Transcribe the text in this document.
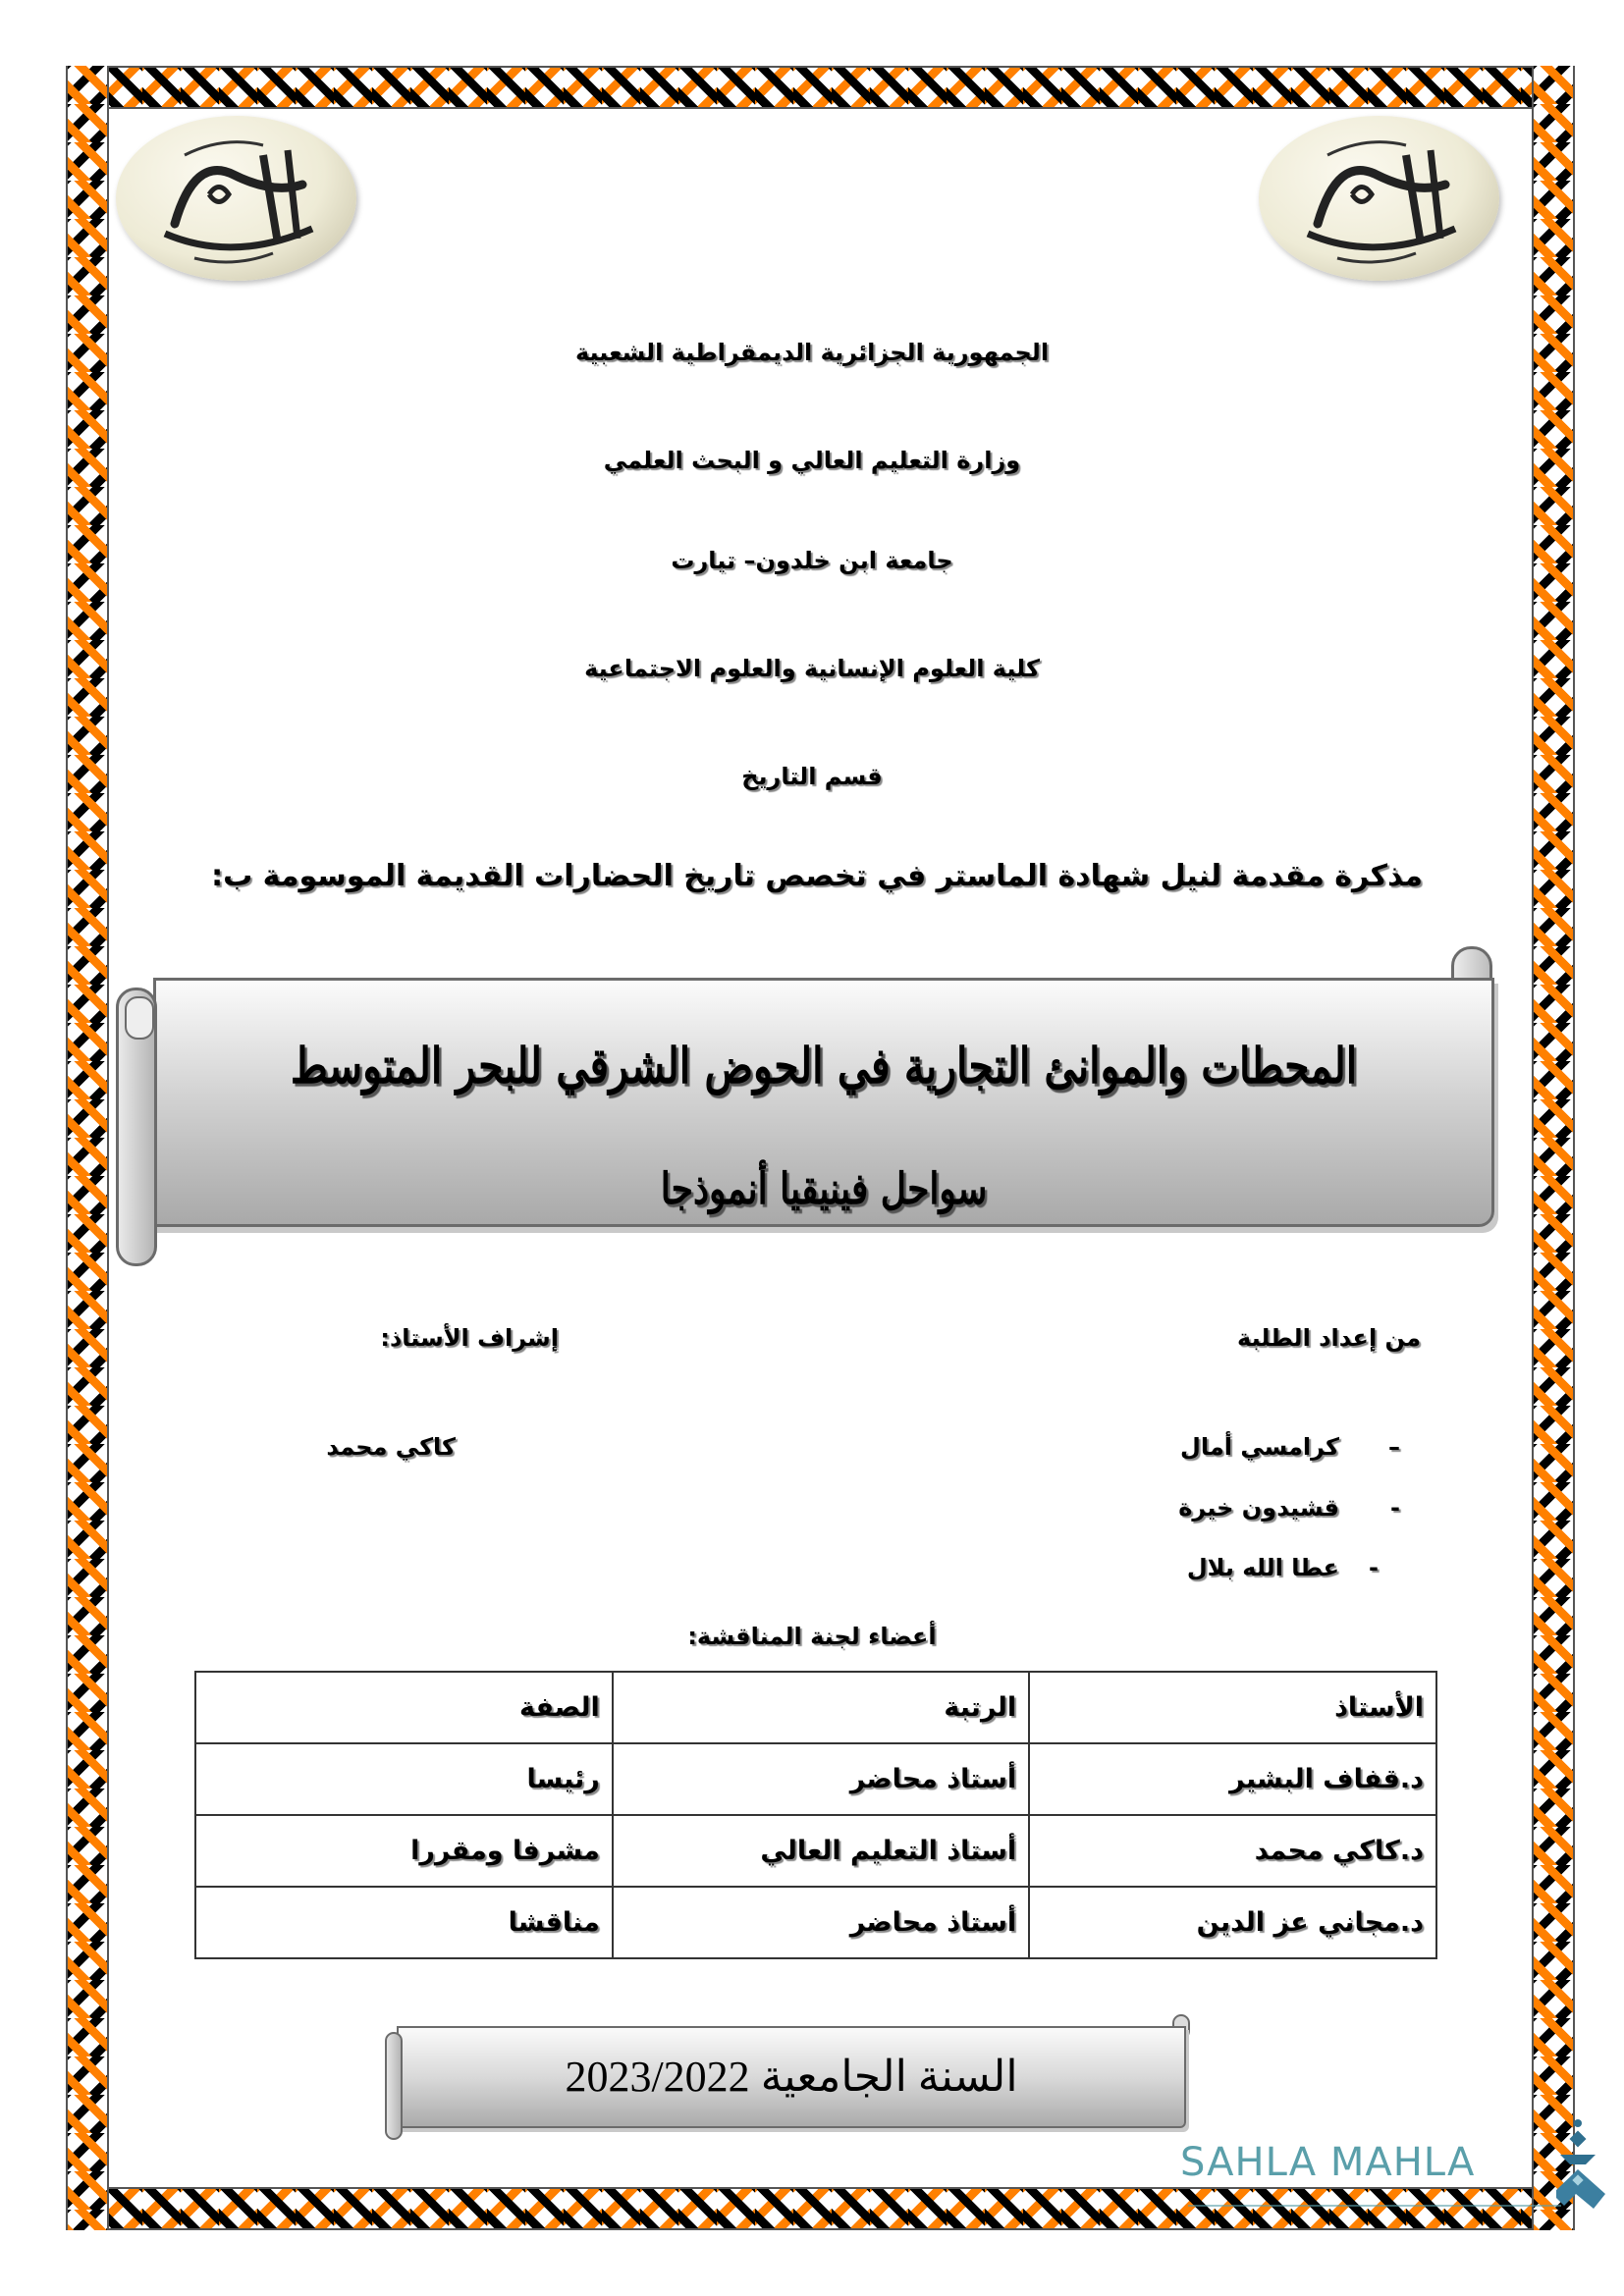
الجمهورية الجزائرية الديمقراطية الشعبية
وزارة التعليم العالي و البحث العلمي
جامعة ابن خلدون– تيارت
كلية العلوم الإنسانية والعلوم الاجتماعية
قسم التاريخ
مذكرة مقدمة لنيل شهادة الماستر في تخصص تاريخ الحضارات القديمة الموسومة ب:
المحطات والموانئ التجارية في الحوض الشرقي للبحر المتوسط
سواحل فينيقيا أنموذجا
من إعداد الطلبة
إشراف الأستاذ:
–
كرامسي أمال
كاكي محمد
-
قشيدون خيرة
-
عطا الله بلال
أعضاء لجنة المناقشة:
الأستاذ	الرتبة	الصفة
د.قفاف البشير	أستاذ محاضر	رئيسا
د.كاكي محمد	أستاذ التعليم العالي	مشرفا ومقررا
د.مجاني عز الدين	أستاذ محاضر	مناقشا
السنة الجامعية 2023/2022
SAHLA MAHLA
